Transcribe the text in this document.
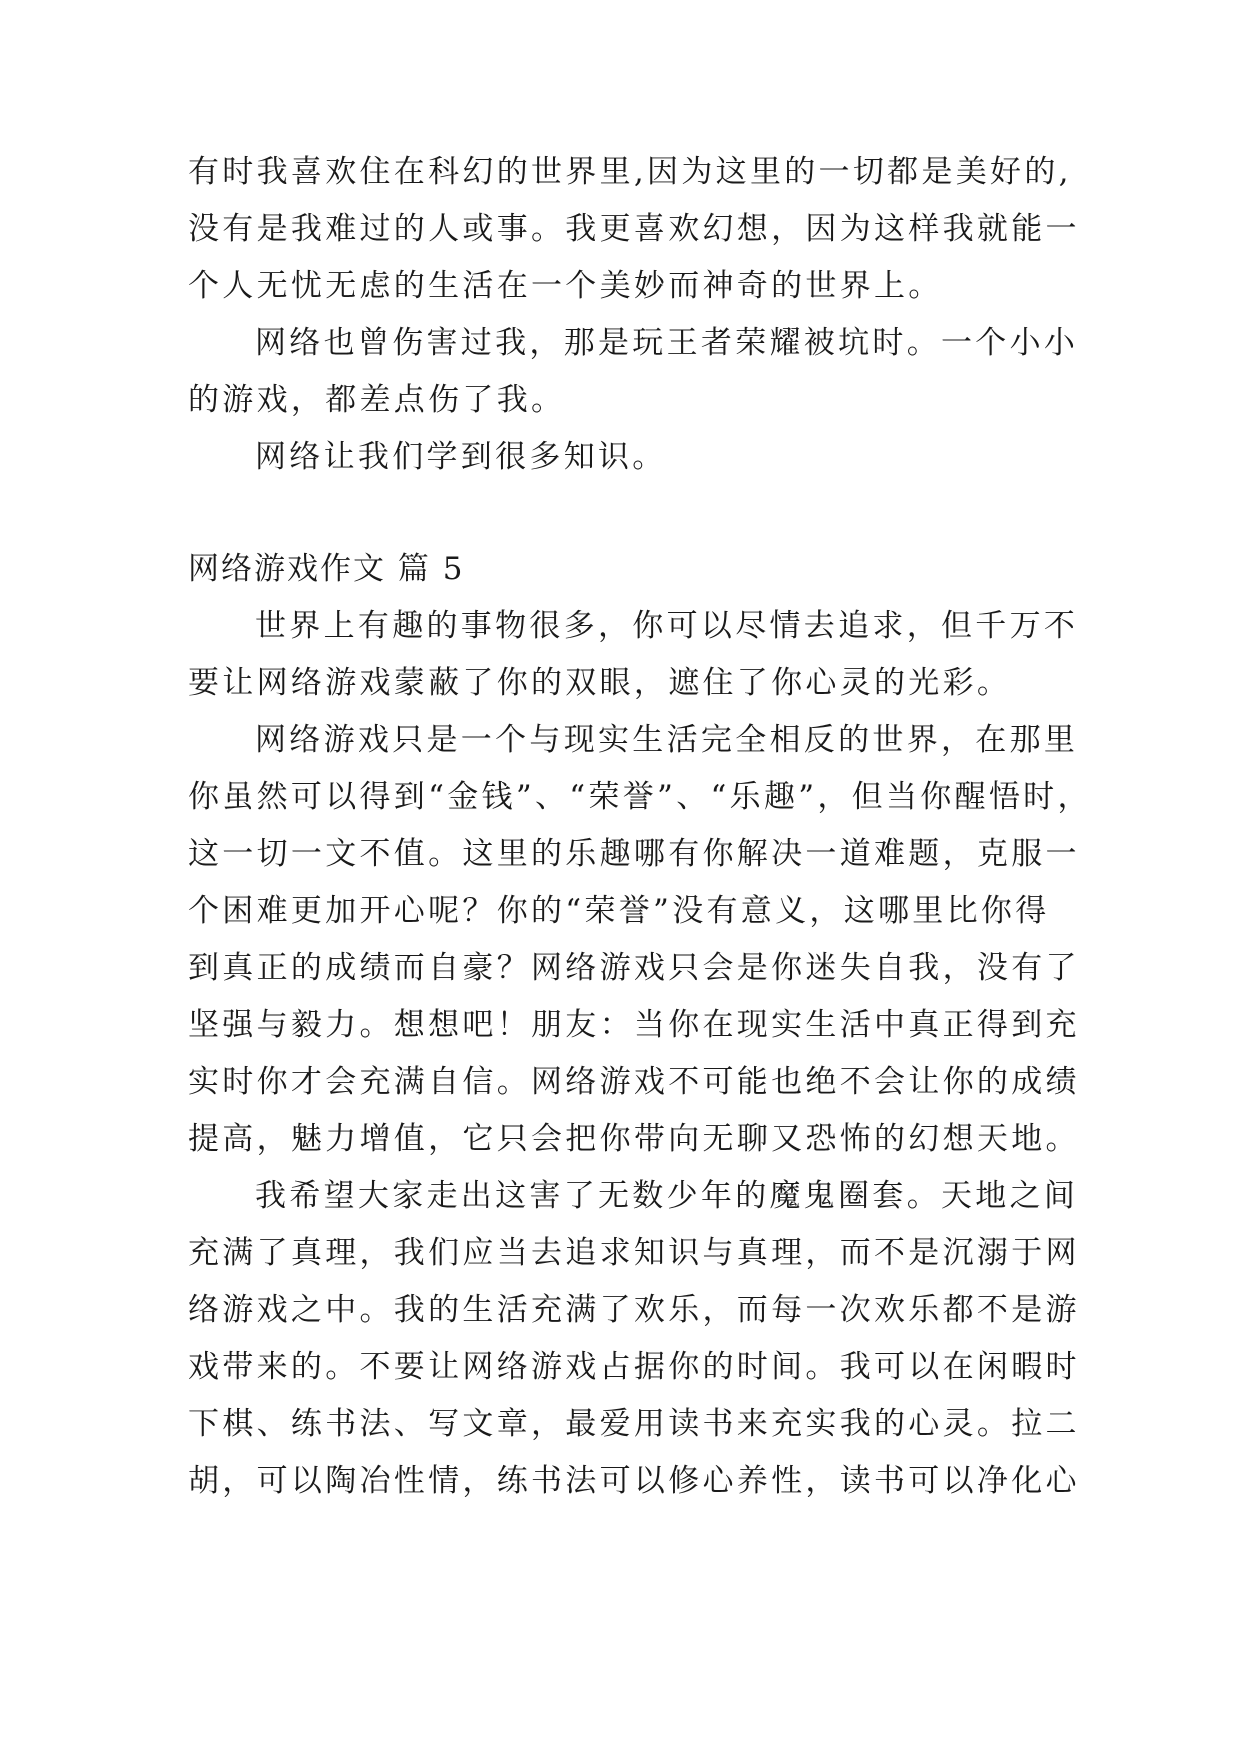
有时我喜欢住在科幻的世界里,因为这里的一切都是美好的,
没有是我难过的人或事。我更喜欢幻想，因为这样我就能一
个人无忧无虑的生活在一个美妙而神奇的世界上。
网络也曾伤害过我，那是玩王者荣耀被坑时。一个小小
的游戏，都差点伤了我。
网络让我们学到很多知识。
网络游戏作文 篇 5
世界上有趣的事物很多，你可以尽情去追求，但千万不
要让网络游戏蒙蔽了你的双眼，遮住了你心灵的光彩。
网络游戏只是一个与现实生活完全相反的世界，在那里
你虽然可以得到“金钱”、“荣誉”、“乐趣”，但当你醒悟时，
这一切一文不值。这里的乐趣哪有你解决一道难题，克服一
个困难更加开心呢？你的“荣誉”没有意义，这哪里比你得
到真正的成绩而自豪？网络游戏只会是你迷失自我，没有了
坚强与毅力。想想吧！朋友：当你在现实生活中真正得到充
实时你才会充满自信。网络游戏不可能也绝不会让你的成绩
提高，魅力增值，它只会把你带向无聊又恐怖的幻想天地。
我希望大家走出这害了无数少年的魔鬼圈套。天地之间
充满了真理，我们应当去追求知识与真理，而不是沉溺于网
络游戏之中。我的生活充满了欢乐，而每一次欢乐都不是游
戏带来的。不要让网络游戏占据你的时间。我可以在闲暇时
下棋、练书法、写文章，最爱用读书来充实我的心灵。拉二
胡，可以陶冶性情，练书法可以修心养性，读书可以净化心
